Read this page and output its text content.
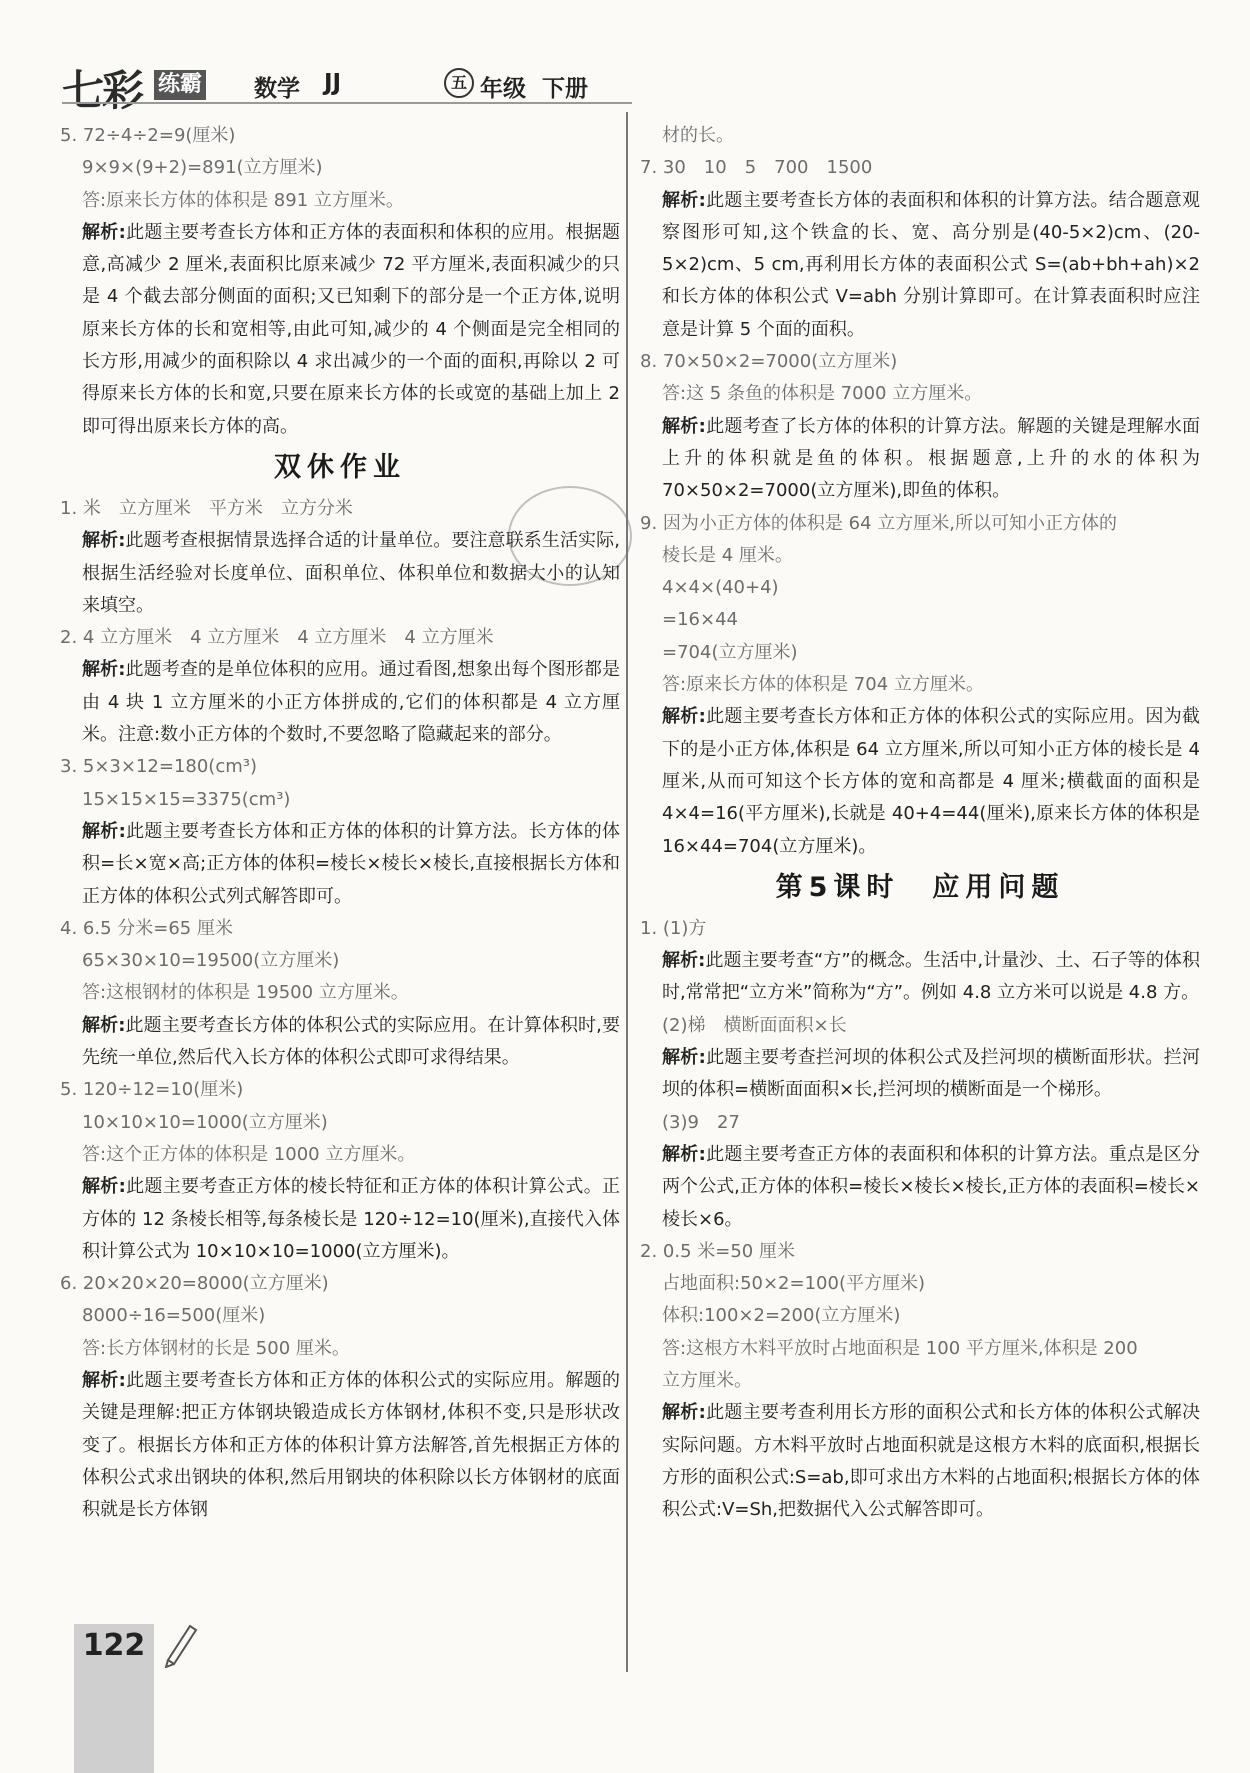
七彩 练霸 数学 JJ	五 年级 下册
5. 72÷4÷2=9(厘米)
9×9×(9+2)=891(立方厘米)
答:原来长方体的体积是 891 立方厘米。
解析:此题主要考查长方体和正方体的表面积和体积的应用。根据题意,高减少 2 厘米,表面积比原来减少 72 平方厘米,表面积减少的只是 4 个截去部分侧面的面积;又已知剩下的部分是一个正方体,说明原来长方体的长和宽相等,由此可知,减少的 4 个侧面是完全相同的长方形,用减少的面积除以 4 求出减少的一个面的面积,再除以 2 可得原来长方体的长和宽,只要在原来长方体的长或宽的基础上加上 2 即可得出原来长方体的高。
双休作业
1. 米　立方厘米　平方米　立方分米
解析:此题考查根据情景选择合适的计量单位。要注意联系生活实际,根据生活经验对长度单位、面积单位、体积单位和数据大小的认知来填空。
2. 4 立方厘米　4 立方厘米　4 立方厘米　4 立方厘米
解析:此题考查的是单位体积的应用。通过看图,想象出每个图形都是由 4 块 1 立方厘米的小正方体拼成的,它们的体积都是 4 立方厘米。注意:数小正方体的个数时,不要忽略了隐藏起来的部分。
3. 5×3×12=180(cm³)
15×15×15=3375(cm³)
解析:此题主要考查长方体和正方体的体积的计算方法。长方体的体积=长×宽×高;正方体的体积=棱长×棱长×棱长,直接根据长方体和正方体的体积公式列式解答即可。
4. 6.5 分米=65 厘米
65×30×10=19500(立方厘米)
答:这根钢材的体积是 19500 立方厘米。
解析:此题主要考查长方体的体积公式的实际应用。在计算体积时,要先统一单位,然后代入长方体的体积公式即可求得结果。
5. 120÷12=10(厘米)
10×10×10=1000(立方厘米)
答:这个正方体的体积是 1000 立方厘米。
解析:此题主要考查正方体的棱长特征和正方体的体积计算公式。正方体的 12 条棱长相等,每条棱长是 120÷12=10(厘米),直接代入体积计算公式为 10×10×10=1000(立方厘米)。
6. 20×20×20=8000(立方厘米)
8000÷16=500(厘米)
答:长方体钢材的长是 500 厘米。
解析:此题主要考查长方体和正方体的体积公式的实际应用。解题的关键是理解:把正方体钢块锻造成长方体钢材,体积不变,只是形状改变了。根据长方体和正方体的体积计算方法解答,首先根据正方体的体积公式求出钢块的体积,然后用钢块的体积除以长方体钢材的底面积就是长方体钢
材的长。
7. 30　10　5　700　1500
解析:此题主要考查长方体的表面积和体积的计算方法。结合题意观察图形可知,这个铁盒的长、宽、高分别是(40-5×2)cm、(20-5×2)cm、5 cm,再利用长方体的表面积公式 S=(ab+bh+ah)×2 和长方体的体积公式 V=abh 分别计算即可。在计算表面积时应注意是计算 5 个面的面积。
8. 70×50×2=7000(立方厘米)
答:这 5 条鱼的体积是 7000 立方厘米。
解析:此题考查了长方体的体积的计算方法。解题的关键是理解水面上升的体积就是鱼的体积。根据题意,上升的水的体积为 70×50×2=7000(立方厘米),即鱼的体积。
9. 因为小正方体的体积是 64 立方厘米,所以可知小正方体的
棱长是 4 厘米。
4×4×(40+4)
=16×44
=704(立方厘米)
答:原来长方体的体积是 704 立方厘米。
解析:此题主要考查长方体和正方体的体积公式的实际应用。因为截下的是小正方体,体积是 64 立方厘米,所以可知小正方体的棱长是 4 厘米,从而可知这个长方体的宽和高都是 4 厘米;横截面的面积是 4×4=16(平方厘米),长就是 40+4=44(厘米),原来长方体的体积是 16×44=704(立方厘米)。
第5课时　应用问题
1. (1)方
解析:此题主要考查“方”的概念。生活中,计量沙、土、石子等的体积时,常常把“立方米”简称为“方”。例如 4.8 立方米可以说是 4.8 方。
(2)梯　横断面面积×长
解析:此题主要考查拦河坝的体积公式及拦河坝的横断面形状。拦河坝的体积=横断面面积×长,拦河坝的横断面是一个梯形。
(3)9　27
解析:此题主要考查正方体的表面积和体积的计算方法。重点是区分两个公式,正方体的体积=棱长×棱长×棱长,正方体的表面积=棱长×棱长×6。
2. 0.5 米=50 厘米
占地面积:50×2=100(平方厘米)
体积:100×2=200(立方厘米)
答:这根方木料平放时占地面积是 100 平方厘米,体积是 200
立方厘米。
解析:此题主要考查利用长方形的面积公式和长方体的体积公式解决实际问题。方木料平放时占地面积就是这根方木料的底面积,根据长方形的面积公式:S=ab,即可求出方木料的占地面积;根据长方体的体积公式:V=Sh,把数据代入公式解答即可。
122
